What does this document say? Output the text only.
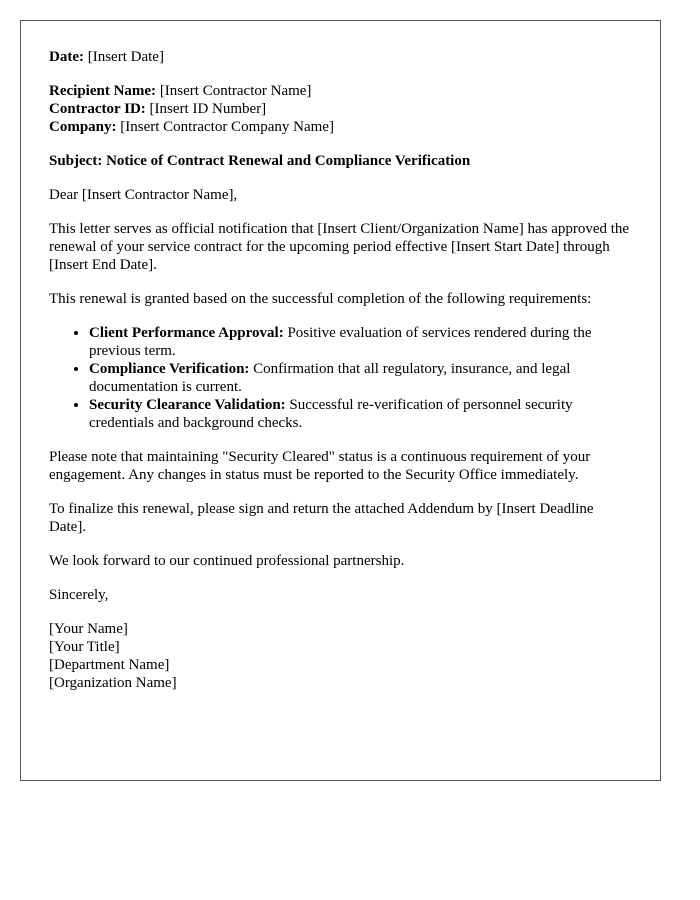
Date: [Insert Date]

Recipient Name: [Insert Contractor Name]
Contractor ID: [Insert ID Number]
Company: [Insert Contractor Company Name]

Subject: Notice of Contract Renewal and Compliance Verification

Dear [Insert Contractor Name],

This letter serves as official notification that [Insert Client/Organization Name] has approved the renewal of your service contract for the upcoming period effective [Insert Start Date] through [Insert End Date].

This renewal is granted based on the successful completion of the following requirements:

• Client Performance Approval: Positive evaluation of services rendered during the previous term.
• Compliance Verification: Confirmation that all regulatory, insurance, and legal documentation is current.
• Security Clearance Validation: Successful re-verification of personnel security credentials and background checks.

Please note that maintaining "Security Cleared" status is a continuous requirement of your engagement. Any changes in status must be reported to the Security Office immediately.

To finalize this renewal, please sign and return the attached Addendum by [Insert Deadline Date].

We look forward to our continued professional partnership.

Sincerely,

[Your Name]
[Your Title]
[Department Name]
[Organization Name]
